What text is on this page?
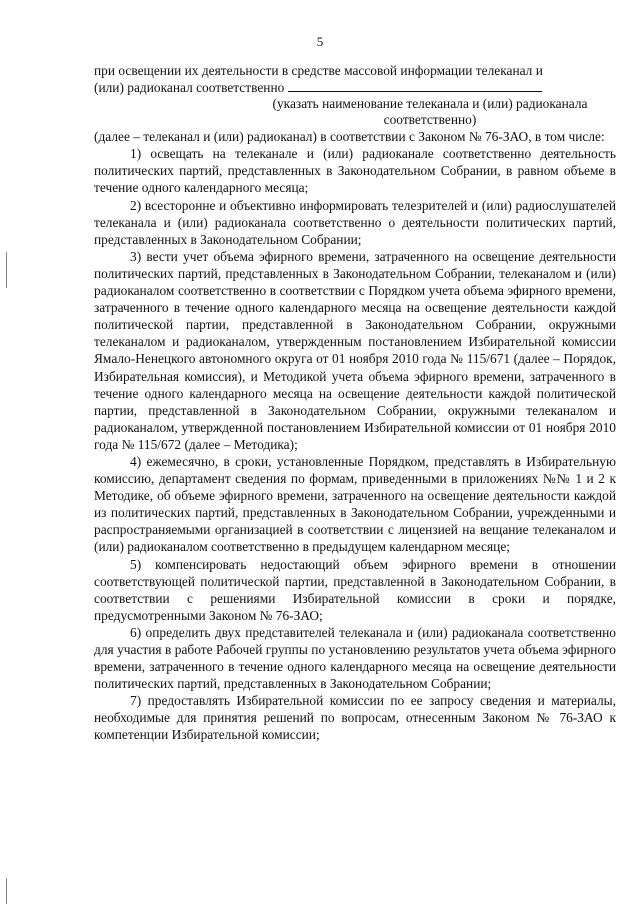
5

при освещении их деятельности в средстве массовой информации телеканал и

(или) радиоканал соответственно

(указать наименование телеканала и (или) радиоканала соответственно)

(далее – телеканал и (или) радиоканал) в соответствии с Законом № 76-ЗАО, в том числе:

1) освещать на телеканале и (или) радиоканале соответственно деятельность политических партий, представленных в Законодательном Собрании, в равном объеме в течение одного календарного месяца;

2) всесторонне и объективно информировать телезрителей и (или) радиослушателей телеканала и (или) радиоканала соответственно о деятельности политических партий, представленных в Законодательном Собрании;

3) вести учет объема эфирного времени, затраченного на освещение деятельности политических партий, представленных в Законодательном Собрании, телеканалом и (или) радиоканалом соответственно в соответствии с Порядком учета объема эфирного времени, затраченного в течение одного календарного месяца на освещение деятельности каждой политической партии, представленной в Законодательном Собрании, окружными телеканалом и радиоканалом, утвержденным постановлением Избирательной комиссии Ямало-Ненецкого автономного округа от 01 ноября 2010 года № 115/671 (далее – Порядок, Избирательная комиссия), и Методикой учета объема эфирного времени, затраченного в течение одного календарного месяца на освещение деятельности каждой политической партии, представленной в Законодательном Собрании, окружными телеканалом и радиоканалом, утвержденной постановлением Избирательной комиссии от 01 ноября 2010 года № 115/672 (далее – Методика);

4) ежемесячно, в сроки, установленные Порядком, представлять в Избирательную комиссию, департамент сведения по формам, приведенными в приложениях №№ 1 и 2 к Методике, об объеме эфирного времени, затраченного на освещение деятельности каждой из политических партий, представленных в Законодательном Собрании, учрежденными и распространяемыми организацией в соответствии с лицензией на вещание телеканалом и (или) радиоканалом соответственно в предыдущем календарном месяце;

5) компенсировать недостающий объем эфирного времени в отношении соответствующей политической партии, представленной в Законодательном Собрании, в соответствии с решениями Избирательной комиссии в сроки и порядке, предусмотренными Законом № 76-ЗАО;

6) определить двух представителей телеканала и (или) радиоканала соответственно для участия в работе Рабочей группы по установлению результатов учета объема эфирного времени, затраченного в течение одного календарного месяца на освещение деятельности политических партий, представленных в Законодательном Собрании;

7) предоставлять Избирательной комиссии по ее запросу сведения и материалы, необходимые для принятия решений по вопросам, отнесенным Законом № 76-ЗАО к компетенции Избирательной комиссии;
